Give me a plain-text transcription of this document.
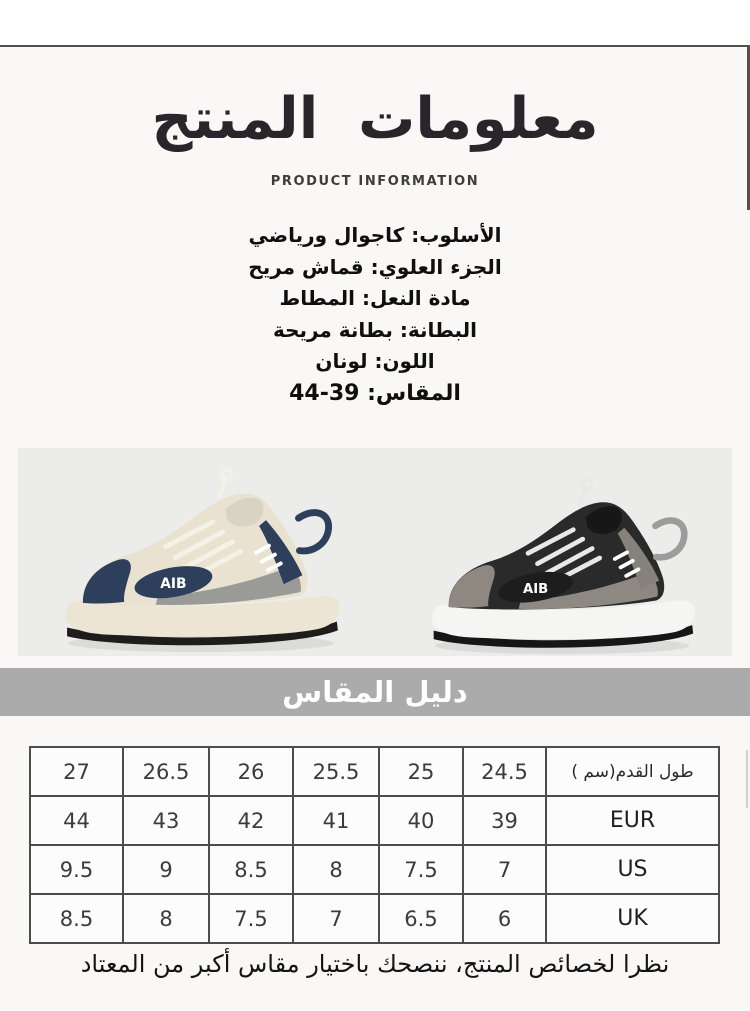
معلومات المنتج
PRODUCT INFORMATION
الأسلوب: كاجوال ورياضي
الجزء العلوي: قماش مريح
مادة النعل: المطاط
البطانة: بطانة مريحة
اللون: لونان
المقاس: 39-44
AIB	AIB
دليل المقاس
27	26.5	26	25.5	25	24.5	طول القدم(سم )
44	43	42	41	40	39	EUR
9.5	9	8.5	8	7.5	7	US
8.5	8	7.5	7	6.5	6	UK
نظرا لخصائص المنتج، ننصحك باختيار مقاس أكبر من المعتاد
